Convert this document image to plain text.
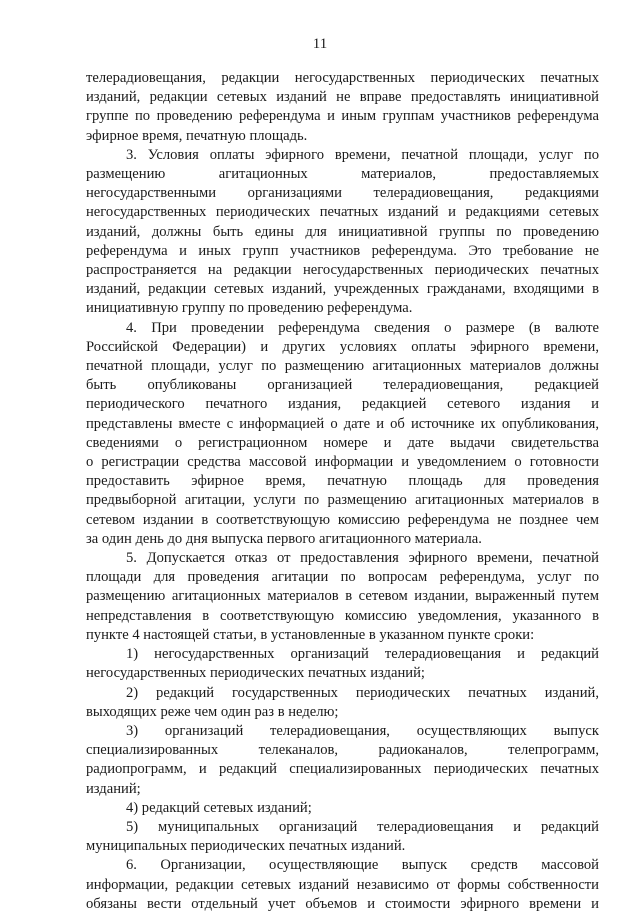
11

телерадиовещания, редакции негосударственных периодических печатных

изданий, редакции сетевых изданий не вправе предоставлять инициативной

группе по проведению референдума и иным группам участников референдума

эфирное время, печатную площадь.

3. Условия оплаты эфирного времени, печатной площади, услуг по

размещению агитационных материалов, предоставляемых

негосударственными организациями телерадиовещания, редакциями

негосударственных периодических печатных изданий и редакциями сетевых

изданий, должны быть едины для инициативной группы по проведению

референдума и иных групп участников референдума. Это требование не

распространяется на редакции негосударственных периодических печатных

изданий, редакции сетевых изданий, учрежденных гражданами, входящими в

инициативную группу по проведению референдума.

4. При проведении референдума сведения о размере (в валюте

Российской Федерации) и других условиях оплаты эфирного времени,

печатной площади, услуг по размещению агитационных материалов должны

быть опубликованы организацией телерадиовещания, редакцией

периодического печатного издания, редакцией сетевого издания и

представлены вместе с информацией о дате и об источнике их опубликования,

сведениями о регистрационном номере и дате выдачи свидетельства

о регистрации средства массовой информации и уведомлением о готовности

предоставить эфирное время, печатную площадь для проведения

предвыборной агитации, услуги по размещению агитационных материалов в

сетевом издании в соответствующую комиссию референдума не позднее чем

за один день до дня выпуска первого агитационного материала.

5. Допускается отказ от предоставления эфирного времени, печатной

площади для проведения агитации по вопросам референдума, услуг по

размещению агитационных материалов в сетевом издании, выраженный путем

непредставления в соответствующую комиссию уведомления, указанного в

пункте 4 настоящей статьи, в установленные в указанном пункте сроки:

1) негосударственных организаций телерадиовещания и редакций

негосударственных периодических печатных изданий;

2) редакций государственных периодических печатных изданий,

выходящих реже чем один раз в неделю;

3) организаций телерадиовещания, осуществляющих выпуск

специализированных телеканалов, радиоканалов, телепрограмм,

радиопрограмм, и редакций специализированных периодических печатных

изданий;

4) редакций сетевых изданий;

5) муниципальных организаций телерадиовещания и редакций

муниципальных периодических печатных изданий.

6. Организации, осуществляющие выпуск средств массовой

информации, редакции сетевых изданий независимо от формы собственности

обязаны вести отдельный учет объемов и стоимости эфирного времени и
